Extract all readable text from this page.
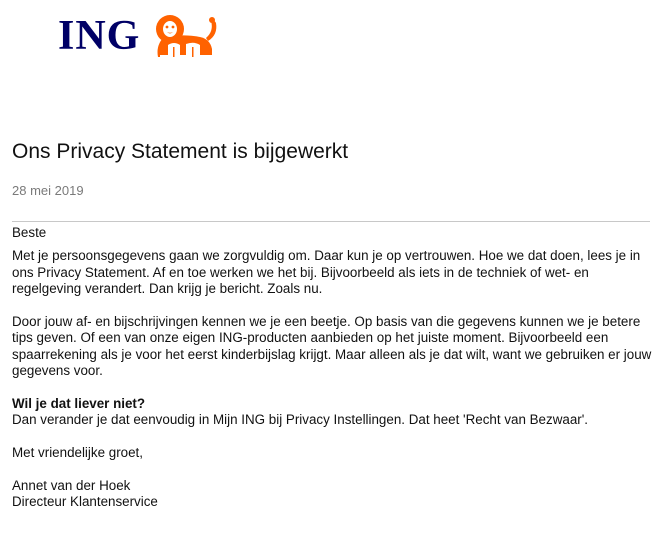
ING
Ons Privacy Statement is bijgewerkt
28 mei 2019

Beste

Met je persoonsgegevens gaan we zorgvuldig om. Daar kun je op vertrouwen. Hoe we dat doen, lees je in ons Privacy Statement. Af en toe werken we het bij. Bijvoorbeeld als iets in de techniek of wet- en regelgeving verandert. Dan krijg je bericht. Zoals nu.

Door jouw af- en bijschrijvingen kennen we je een beetje. Op basis van die gegevens kunnen we je betere tips geven. Of een van onze eigen ING-producten aanbieden op het juiste moment. Bijvoorbeeld een spaarrekening als je voor het eerst kinderbijslag krijgt. Maar alleen als je dat wilt, want we gebruiken er jouw gegevens voor.

Wil je dat liever niet?
Dan verander je dat eenvoudig in Mijn ING bij Privacy Instellingen. Dat heet 'Recht van Bezwaar'.

Met vriendelijke groet,

Annet van der Hoek
Directeur Klantenservice
